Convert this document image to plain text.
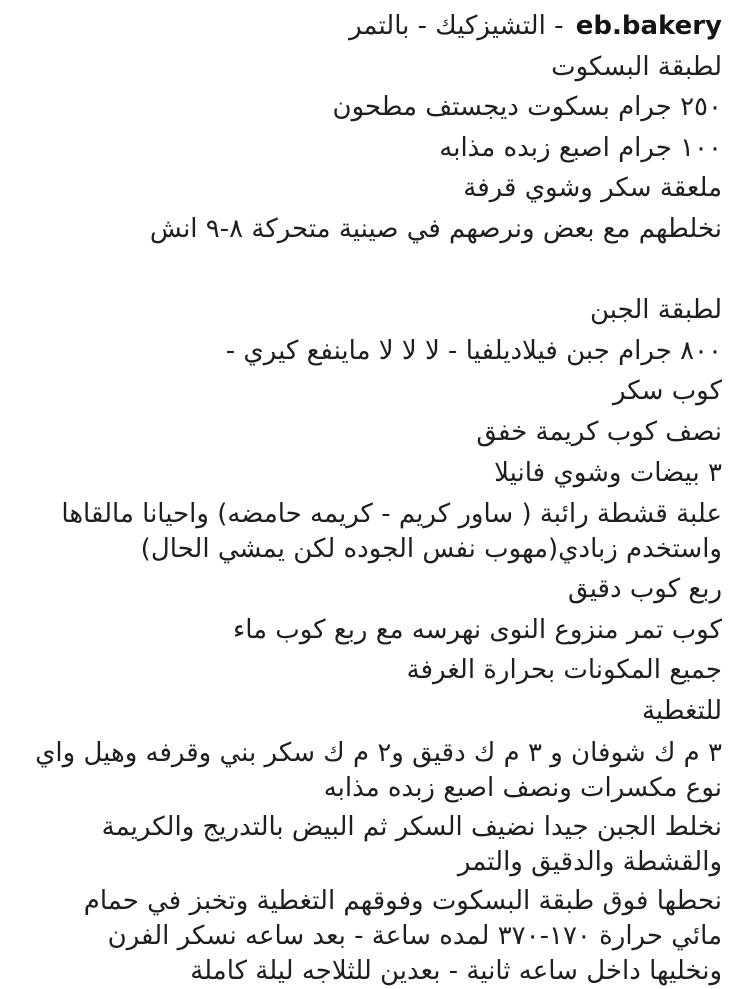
eb.bakery - التشيزكيك - بالتمر
لطبقة البسكوت
٢٥٠ جرام بسكوت ديجستف مطحون
١٠٠ جرام اصبع زبده مذابه
ملعقة سكر وشوي قرفة
نخلطهم مع بعض ونرصهم في صينية متحركة ٨-٩ انش
لطبقة الجبن
٨٠٠ جرام جبن فيلاديلفيا - لا لا لا ماينفع كيري -
كوب سكر
نصف كوب كريمة خفق
٣ بيضات وشوي فانيلا
علبة قشطة رائبة ( ساور كريم - كريمه حامضه) واحيانا مالقاها واستخدم زبادي(مهوب نفس الجوده لكن يمشي الحال)
ربع كوب دقيق
كوب تمر منزوع النوى نهرسه مع ربع كوب ماء
جميع المكونات بحرارة الغرفة
للتغطية
٣ م ك شوفان و ٣ م ك دقيق و٢ م ك سكر بني وقرفه وهيل واي نوع مكسرات ونصف اصبع زبده مذابه
نخلط الجبن جيدا نضيف السكر ثم البيض بالتدريج والكريمة والقشطة والدقيق والتمر
نحطها فوق طبقة البسكوت وفوقهم التغطية وتخبز في حمام مائي حرارة ١٧٠-٣٧٠ لمده ساعة - بعد ساعه نسكر الفرن ونخليها داخل ساعه ثانية - بعدين للثلاجه ليلة كاملة
